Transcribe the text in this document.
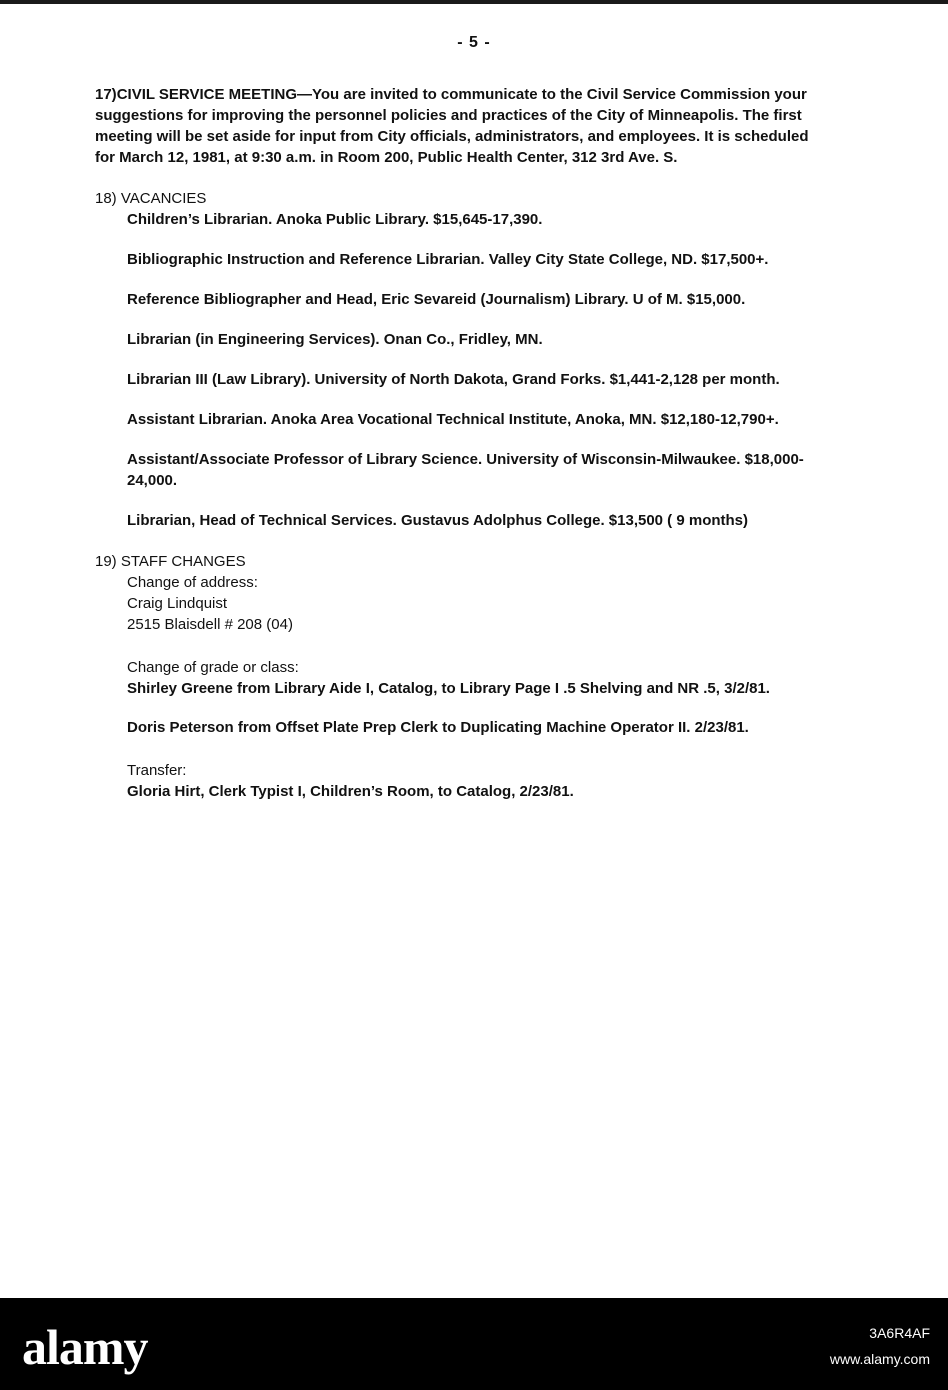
- 5 -

17)CIVIL SERVICE MEETING—You are invited to communicate to the Civil Service Commission your suggestions for improving the personnel policies and practices of the City of Minneapolis. The first meeting will be set aside for input from City officials, administrators, and employees. It is scheduled for March 12, 1981, at 9:30 a.m. in Room 200, Public Health Center, 312 3rd Ave. S.

18) VACANCIES

Children’s Librarian. Anoka Public Library. $15,645-17,390.

Bibliographic Instruction and Reference Librarian. Valley City State College, ND. $17,500+.

Reference Bibliographer and Head, Eric Sevareid (Journalism) Library. U of M. $15,000.

Librarian (in Engineering Services). Onan Co., Fridley, MN.

Librarian III (Law Library). University of North Dakota, Grand Forks. $1,441-2,128 per month.

Assistant Librarian. Anoka Area Vocational Technical Institute, Anoka, MN. $12,180-12,790+.

Assistant/Associate Professor of Library Science. University of Wisconsin-Milwaukee. $18,000-24,000.

Librarian, Head of Technical Services. Gustavus Adolphus College. $13,500 ( 9 months)

19) STAFF CHANGES

Change of address:

Craig Lindquist

2515 Blaisdell # 208 (04)

Change of grade or class:

Shirley Greene from Library Aide I, Catalog, to Library Page I .5 Shelving and NR .5, 3/2/81.

Doris Peterson from Offset Plate Prep Clerk to Duplicating Machine Operator II. 2/23/81.

Transfer:

Gloria Hirt, Clerk Typist I, Children’s Room, to Catalog, 2/23/81.

alamy	3A6R4AF
www.alamy.com
